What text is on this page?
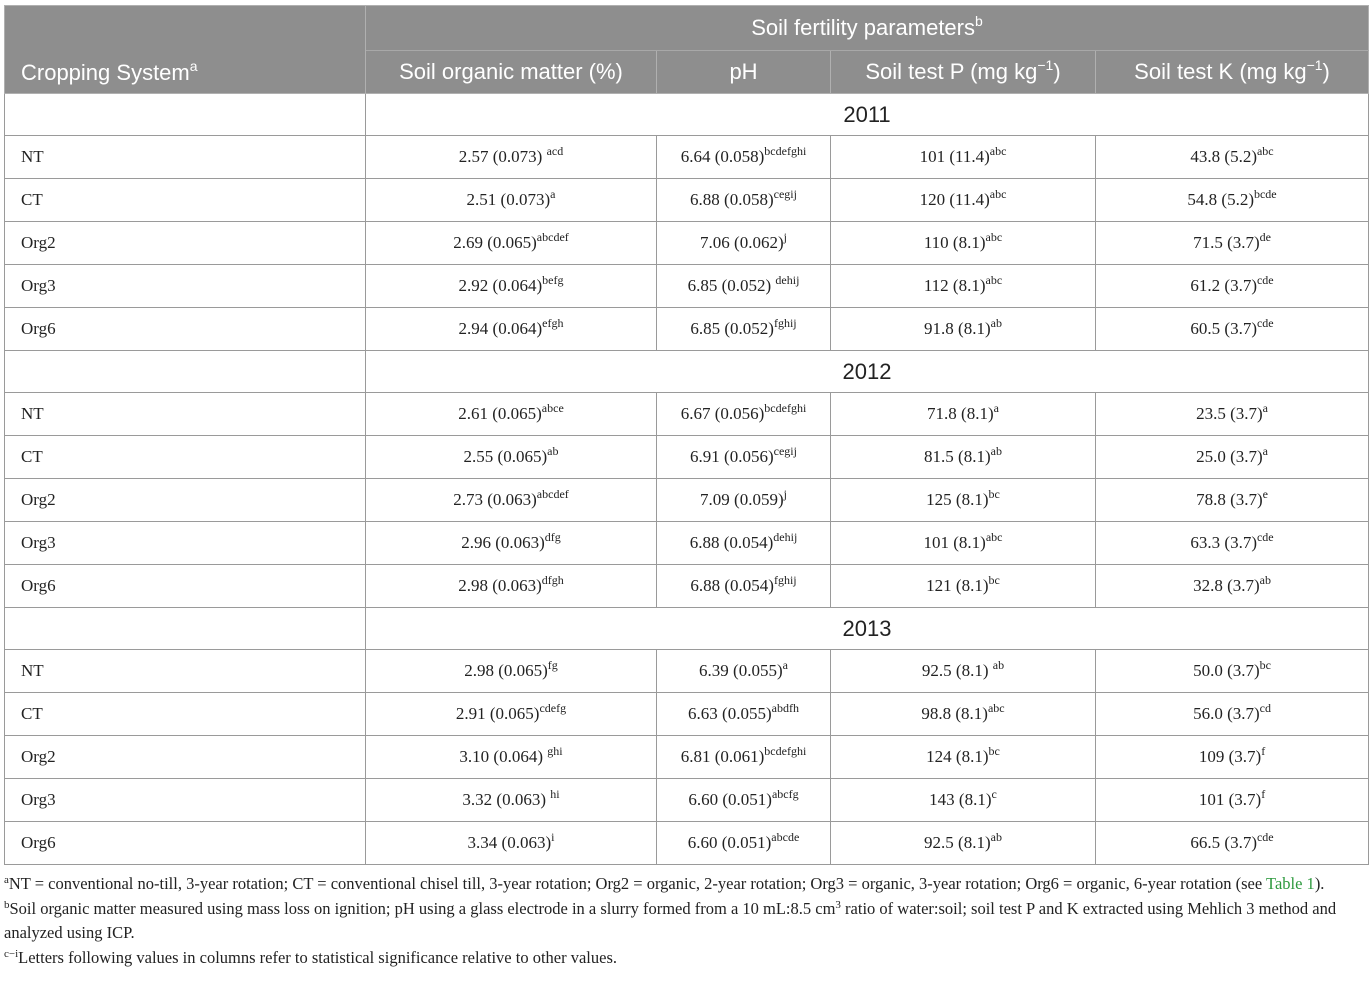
Cropping System$^a$	Soil fertility parameters$^b$
	Soil organic matter (%)	pH	Soil test P (mg $kg^{-1}$)	Soil test K (mg $kg^{-1}$)
	2011			
NT	2.57 (0.073) $^{acd}$	6.64 $(0.058)^{bcdefghi}$	101 $(11.4)^{abc}$	43.8 $(5.2)^{abc}$
CT	2.51 $(0.073)^a$	6.88 $(0.058)^{cegij}$	120 $(11.4)^{abc}$	54.8 $(5.2)^{bcde}$
Org2	2.69 $(0.065)^{abcdef}$	7.06 $(0.062)^j$	110 $(8.1)^{abc}$	71.5 $(3.7)^{de}$
Org3	2.92 $(0.064)^{befg}$	6.85 (0.052) $^{dehij}$	112 $(8.1)^{abc}$	61.2 $(3.7)^{cde}$
Org6	2.94 $(0.064)^{efgh}$	6.85 $(0.052)^{fghij}$	91.8 $(8.1)^{ab}$	60.5 $(3.7)^{cde}$
	2012			
NT	2.61 $(0.065)^{abce}$	6.67 $(0.056)^{bcdefghi}$	71.8 $(8.1)^a$	23.5 $(3.7)^a$
CT	2.55 $(0.065)^{ab}$	6.91 $(0.056)^{cegij}$	81.5 $(8.1)^{ab}$	25.0 $(3.7)^a$
Org2	2.73 $(0.063)^{abcdef}$	7.09 $(0.059)^j$	125 $(8.1)^{bc}$	78.8 $(3.7)^e$
Org3	2.96 $(0.063)^{dfg}$	6.88 $(0.054)^{dehij}$	101 $(8.1)^{abc}$	63.3 $(3.7)^{cde}$
Org6	2.98 $(0.063)^{dfgh}$	6.88 $(0.054)^{fghij}$	121 $(8.1)^{bc}$	32.8 $(3.7)^{ab}$
	2013			
NT	2.98 $(0.065)^{fg}$	6.39 $(0.055)^a$	92.5 (8.1) $^{ab}$	50.0 $(3.7)^{bc}$
CT	2.91 $(0.065)^{cdefg}$	6.63 $(0.055)^{abdfh}$	98.8 $(8.1)^{abc}$	56.0 $(3.7)^{cd}$
Org2	3.10 (0.064) $^{ghi}$	6.81 $(0.061)^{bcdefghi}$	124 $(8.1)^{bc}$	109 $(3.7)^f$
Org3	3.32 (0.063) $^{hi}$	6.60 $(0.051)^{abcfg}$	143 $(8.1)^c$	101 $(3.7)^f$
Org6	3.34 $(0.063)^i$	6.60 $(0.051)^{abcde}$	92.5 $(8.1)^{ab}$	66.5 $(3.7)^{cde}$

$^a$NT = conventional no-till, 3-year rotation; CT = conventional chisel till, 3-year rotation; Org2 = organic, 2-year rotation; Org3 = organic, 3-year rotation; Org6 = organic, 6-year rotation (see Table 1).

$^b$Soil organic matter measured using mass loss on ignition; pH using a glass electrode in a slurry formed from a 10 mL:8.5 $cm^3$ ratio of water:soil; soil test P and K extracted using Mehlich 3 method and analyzed using ICP.

$^{c-i}$Letters following values in columns refer to statistical significance relative to other values.
